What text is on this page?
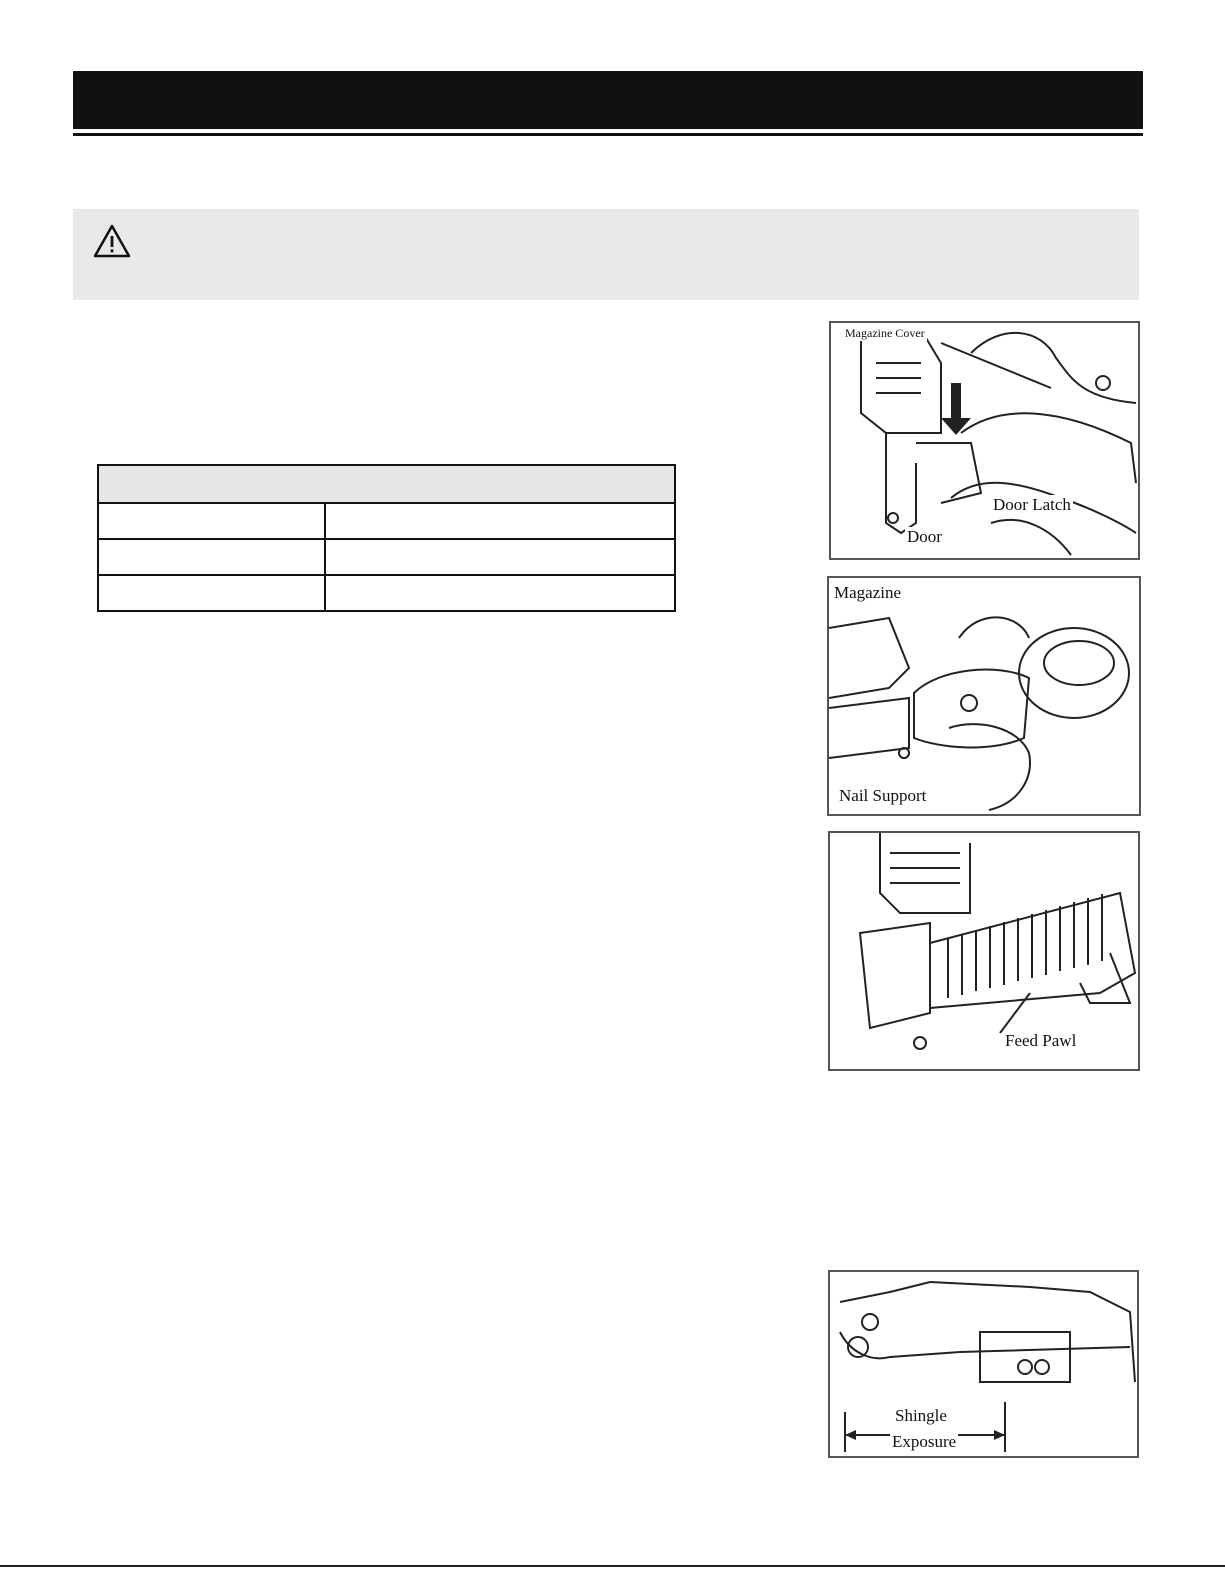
Magazine Cover
Door Latch
Door
Magazine
Nail Support
Feed Pawl
Shingle
Exposure
